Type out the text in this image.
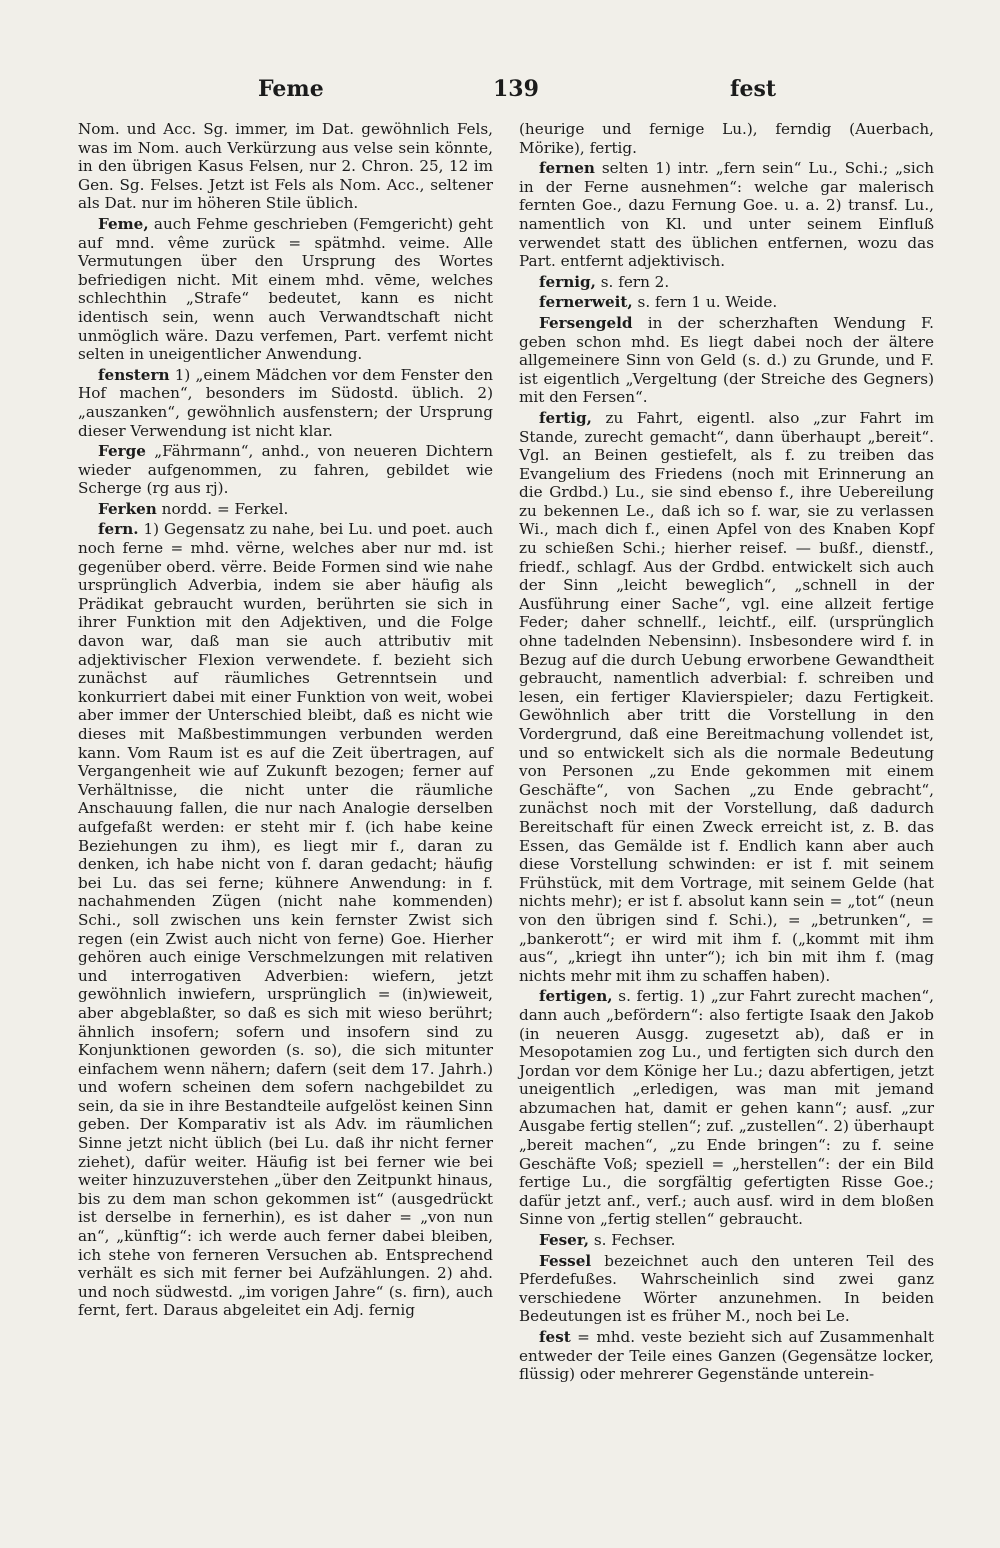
Feme	139	fest

Nom. und Acc. Sg. immer, im Dat. gewöhnlich Fels, was im Nom. auch Verkürzung aus velse sein könnte, in den übrigen Kasus Felsen, nur 2. Chron. 25, 12 im Gen. Sg. Felses. Jetzt ist Fels als Nom. Acc., seltener als Dat. nur im höheren Stile üblich.

Feme, auch Fehme geschrieben (Femgericht) geht auf mnd. vême zurück = spätmhd. veime. Alle Vermutungen über den Ursprung des Wortes befriedigen nicht. Mit einem mhd. vēme, welches schlechthin „Strafe“ bedeutet, kann es nicht identisch sein, wenn auch Verwandtschaft nicht unmöglich wäre. Dazu verfemen, Part. verfemt nicht selten in uneigentlicher Anwendung.

fenstern 1) „einem Mädchen vor dem Fenster den Hof machen“, besonders im Südostd. üblich. 2) „auszanken“, gewöhnlich ausfenstern; der Ursprung dieser Verwendung ist nicht klar.

Ferge „Fährmann“, anhd., von neueren Dichtern wieder aufgenommen, zu fahren, gebildet wie Scherge (rg aus rj).

Ferken nordd. = Ferkel.

fern. 1) Gegensatz zu nahe, bei Lu. und poet. auch noch ferne = mhd. vërne, welches aber nur md. ist gegenüber oberd. vërre. Beide Formen sind wie nahe ursprünglich Adverbia, indem sie aber häufig als Prädikat gebraucht wurden, berührten sie sich in ihrer Funktion mit den Adjektiven, und die Folge davon war, daß man sie auch attributiv mit adjektivischer Flexion verwendete. f. bezieht sich zunächst auf räumliches Getrenntsein und konkurriert dabei mit einer Funktion von weit, wobei aber immer der Unterschied bleibt, daß es nicht wie dieses mit Maßbestimmungen verbunden werden kann. Vom Raum ist es auf die Zeit übertragen, auf Vergangenheit wie auf Zukunft bezogen; ferner auf Verhältnisse, die nicht unter die räumliche Anschauung fallen, die nur nach Analogie derselben aufgefaßt werden: er steht mir f. (ich habe keine Beziehungen zu ihm), es liegt mir f., daran zu denken, ich habe nicht von f. daran gedacht; häufig bei Lu. das sei ferne; kühnere Anwendung: in f. nachahmenden Zügen (nicht nahe kommenden) Schi., soll zwischen uns kein fernster Zwist sich regen (ein Zwist auch nicht von ferne) Goe. Hierher gehören auch einige Verschmelzungen mit relativen und interrogativen Adverbien: wiefern, jetzt gewöhnlich inwiefern, ursprünglich = (in)wieweit, aber abgeblaßter, so daß es sich mit wieso berührt; ähnlich insofern; sofern und insofern sind zu Konjunktionen geworden (s. so), die sich mitunter einfachem wenn nähern; dafern (seit dem 17. Jahrh.) und wofern scheinen dem sofern nachgebildet zu sein, da sie in ihre Bestandteile aufgelöst keinen Sinn geben. Der Komparativ ist als Adv. im räumlichen Sinne jetzt nicht üblich (bei Lu. daß ihr nicht ferner ziehet), dafür weiter. Häufig ist bei ferner wie bei weiter hinzuzuverstehen „über den Zeitpunkt hinaus, bis zu dem man schon gekommen ist“ (ausgedrückt ist derselbe in fernerhin), es ist daher = „von nun an“, „künftig“: ich werde auch ferner dabei bleiben, ich stehe von ferneren Versuchen ab. Entsprechend verhält es sich mit ferner bei Aufzählungen. 2) ahd. und noch südwestd. „im vorigen Jahre“ (s. firn), auch fernt, fert. Daraus abgeleitet ein Adj. fernig

(heurige und fernige Lu.), ferndig (Auerbach, Mörike), fertig.

fernen selten 1) intr. „fern sein“ Lu., Schi.; „sich in der Ferne ausnehmen“: welche gar malerisch fernten Goe., dazu Fernung Goe. u. a. 2) transf. Lu., namentlich von Kl. und unter seinem Einfluß verwendet statt des üblichen entfernen, wozu das Part. entfernt adjektivisch.

fernig, s. fern 2.

fernerweit, s. fern 1 u. Weide.

Fersengeld in der scherzhaften Wendung F. geben schon mhd. Es liegt dabei noch der ältere allgemeinere Sinn von Geld (s. d.) zu Grunde, und F. ist eigentlich „Vergeltung (der Streiche des Gegners) mit den Fersen“.

fertig, zu Fahrt, eigentl. also „zur Fahrt im Stande, zurecht gemacht“, dann überhaupt „bereit“. Vgl. an Beinen gestiefelt, als f. zu treiben das Evangelium des Friedens (noch mit Erinnerung an die Grdbd.) Lu., sie sind ebenso f., ihre Uebereilung zu bekennen Le., daß ich so f. war, sie zu verlassen Wi., mach dich f., einen Apfel von des Knaben Kopf zu schießen Schi.; hierher reisef. — bußf., dienstf., friedf., schlagf. Aus der Grdbd. entwickelt sich auch der Sinn „leicht beweglich“, „schnell in der Ausführung einer Sache“, vgl. eine allzeit fertige Feder; daher schnellf., leichtf., eilf. (ursprünglich ohne tadelnden Nebensinn). Insbesondere wird f. in Bezug auf die durch Uebung erworbene Gewandtheit gebraucht, namentlich adverbial: f. schreiben und lesen, ein fertiger Klavierspieler; dazu Fertigkeit. Gewöhnlich aber tritt die Vorstellung in den Vordergrund, daß eine Bereitmachung vollendet ist, und so entwickelt sich als die normale Bedeutung von Personen „zu Ende gekommen mit einem Geschäfte“, von Sachen „zu Ende gebracht“, zunächst noch mit der Vorstellung, daß dadurch Bereitschaft für einen Zweck erreicht ist, z. B. das Essen, das Gemälde ist f. Endlich kann aber auch diese Vorstellung schwinden: er ist f. mit seinem Frühstück, mit dem Vortrage, mit seinem Gelde (hat nichts mehr); er ist f. absolut kann sein = „tot“ (neun von den übrigen sind f. Schi.), = „betrunken“, = „bankerott“; er wird mit ihm f. („kommt mit ihm aus“, „kriegt ihn unter“); ich bin mit ihm f. (mag nichts mehr mit ihm zu schaffen haben).

fertigen, s. fertig. 1) „zur Fahrt zurecht machen“, dann auch „befördern“: also fertigte Isaak den Jakob (in neueren Ausgg. zugesetzt ab), daß er in Mesopotamien zog Lu., und fertigten sich durch den Jordan vor dem Könige her Lu.; dazu abfertigen, jetzt uneigentlich „erledigen, was man mit jemand abzumachen hat, damit er gehen kann“; ausf. „zur Ausgabe fertig stellen“; zuf. „zustellen“. 2) überhaupt „bereit machen“, „zu Ende bringen“: zu f. seine Geschäfte Voß; speziell = „herstellen“: der ein Bild fertige Lu., die sorgfältig gefertigten Risse Goe.; dafür jetzt anf., verf.; auch ausf. wird in dem bloßen Sinne von „fertig stellen“ gebraucht.

Feser, s. Fechser.

Fessel bezeichnet auch den unteren Teil des Pferdefußes. Wahrscheinlich sind zwei ganz verschiedene Wörter anzunehmen. In beiden Bedeutungen ist es früher M., noch bei Le.

fest = mhd. veste bezieht sich auf Zusammenhalt entweder der Teile eines Ganzen (Gegensätze locker, flüssig) oder mehrerer Gegenstände unterein-
